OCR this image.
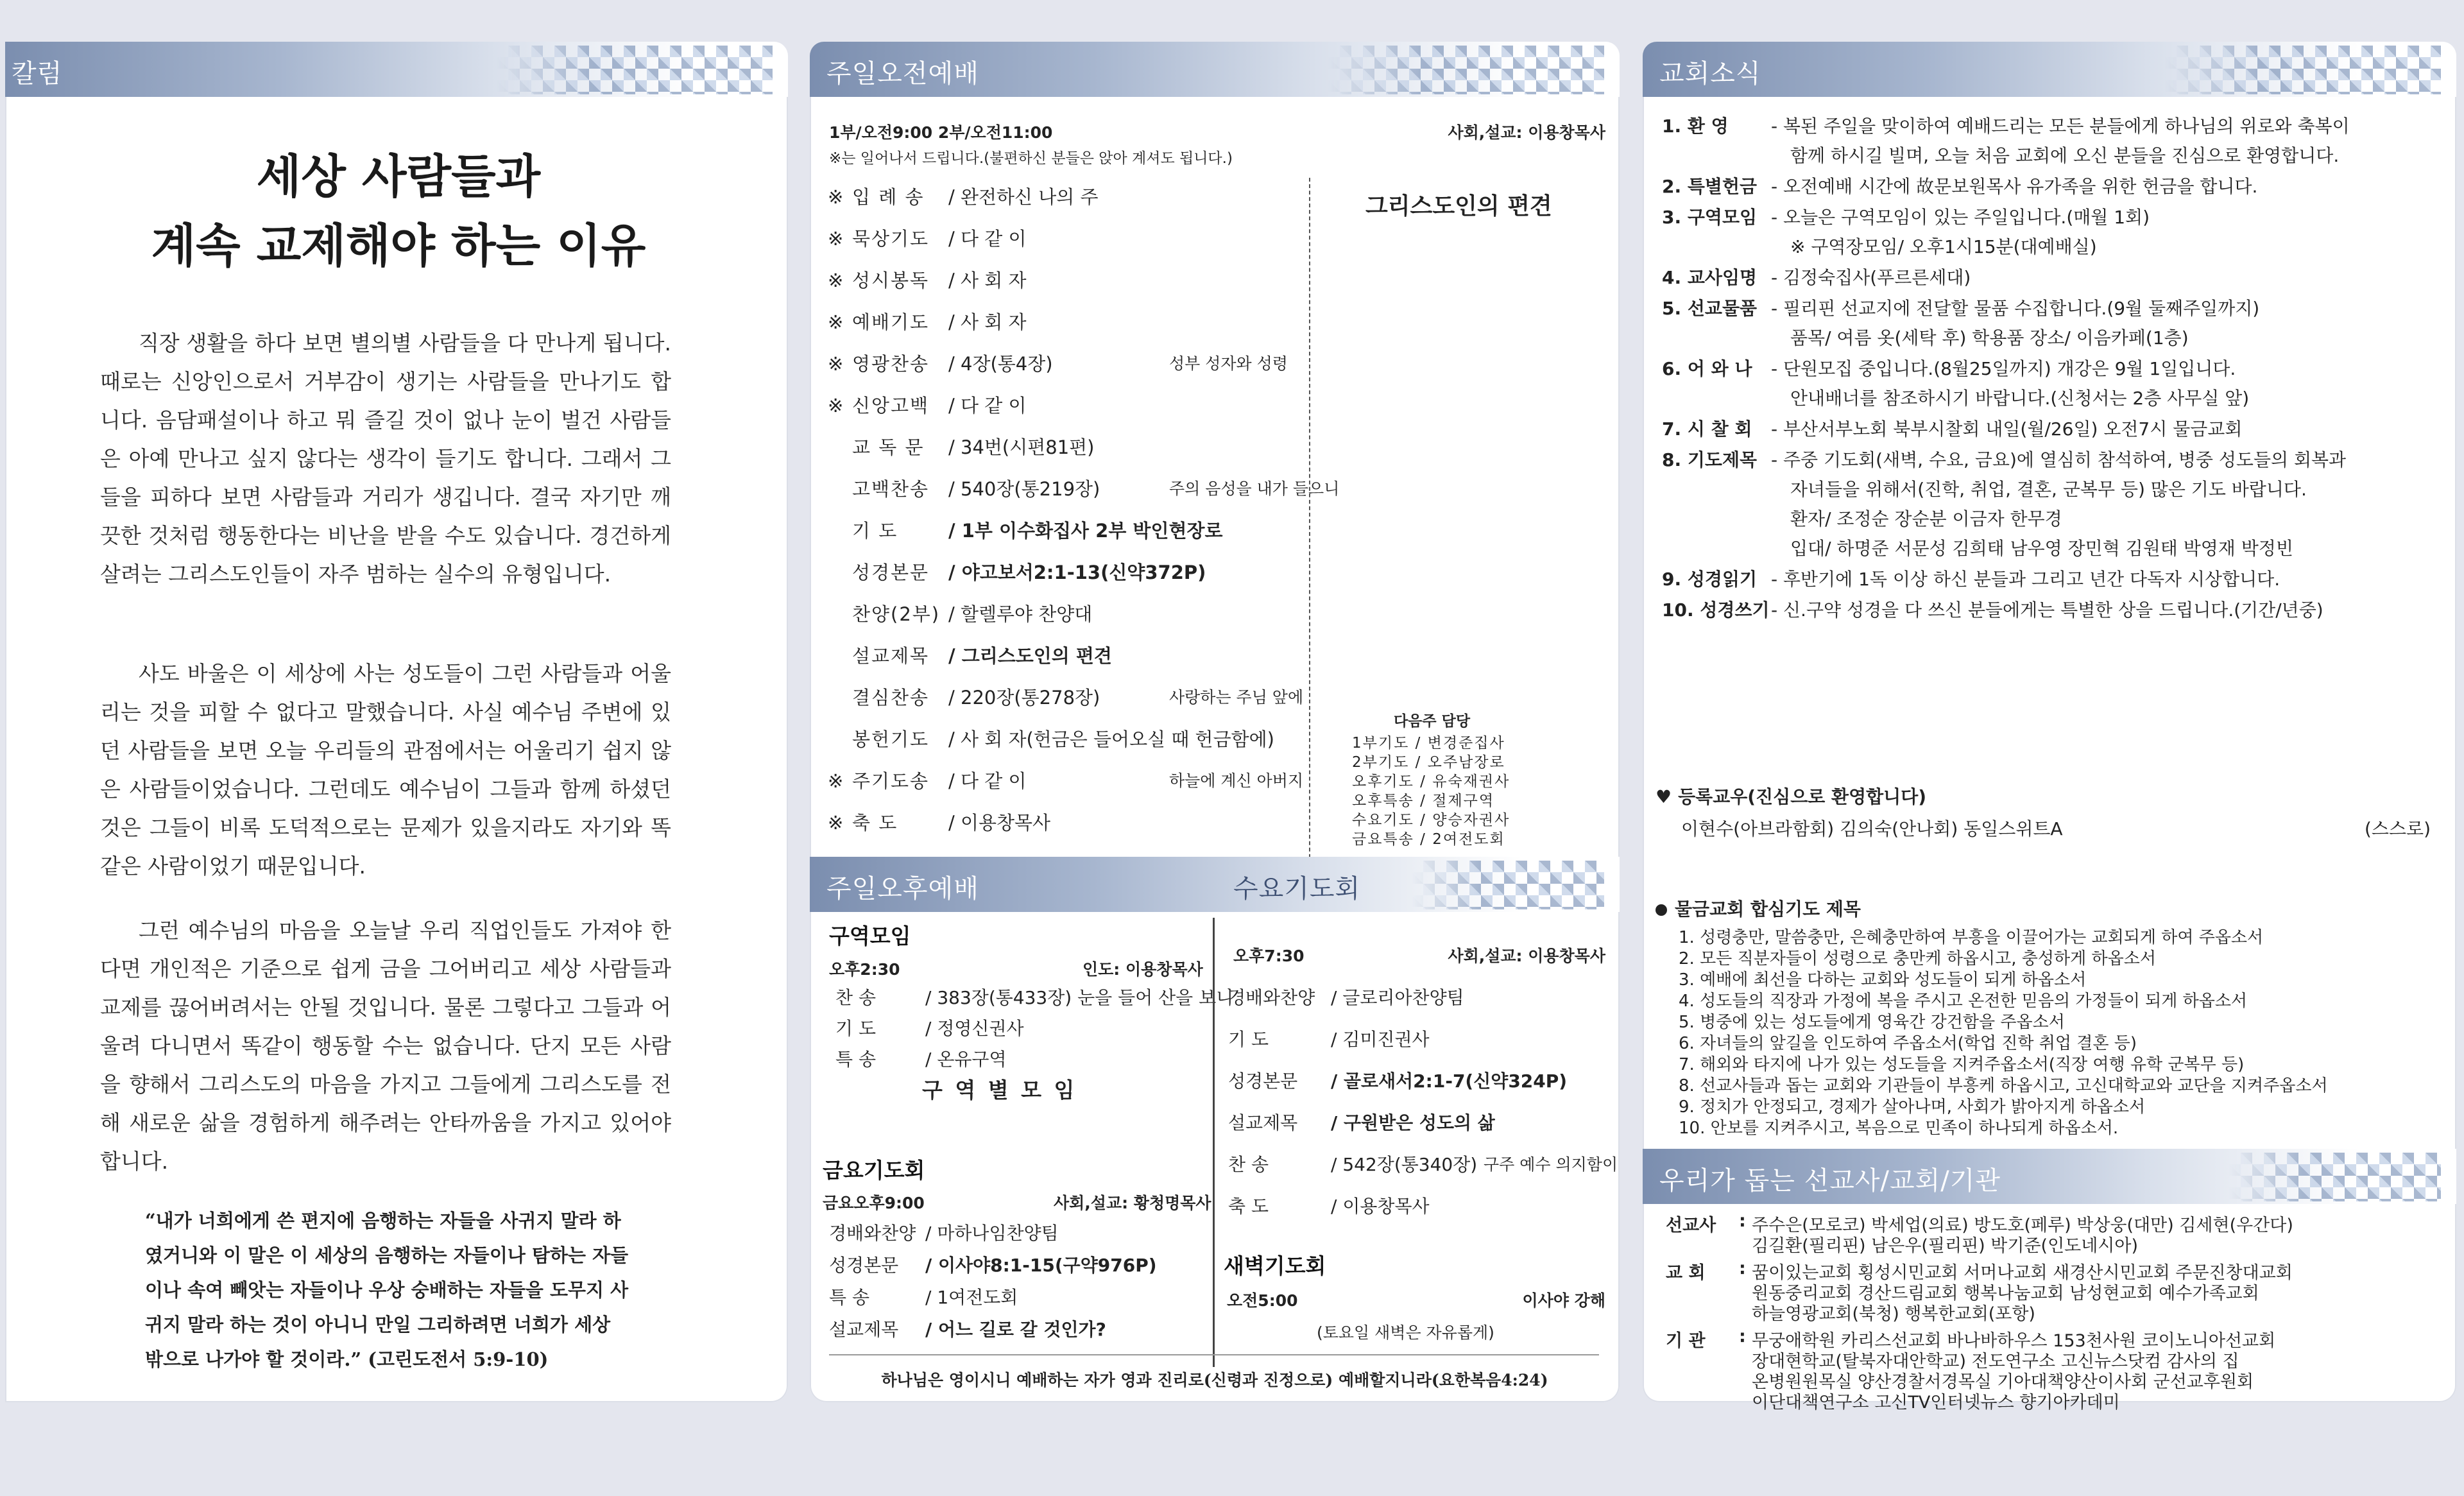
칼럼
세상 사람들과
계속 교제해야 하는 이유
직장 생활을 하다 보면 별의별 사람들을 다 만나게 됩니다. 때로는 신앙인으로서 거부감이 생기는 사람들을 만나기도 합니다. 음담패설이나 하고 뭐 즐길 것이 없나 눈이 벌건 사람들은 아예 만나고 싶지 않다는 생각이 들기도 합니다. 그래서 그들을 피하다 보면 사람들과 거리가 생깁니다. 결국 자기만 깨끗한 것처럼 행동한다는 비난을 받을 수도 있습니다. 경건하게 살려는 그리스도인들이 자주 범하는 실수의 유형입니다.
사도 바울은 이 세상에 사는 성도들이 그런 사람들과 어울리는 것을 피할 수 없다고 말했습니다. 사실 예수님 주변에 있던 사람들을 보면 오늘 우리들의 관점에서는 어울리기 쉽지 않은 사람들이었습니다. 그런데도 예수님이 그들과 함께 하셨던 것은 그들이 비록 도덕적으로는 문제가 있을지라도 자기와 똑같은 사람이었기 때문입니다.
그런 예수님의 마음을 오늘날 우리 직업인들도 가져야 한다면 개인적은 기준으로 쉽게 금을 그어버리고 세상 사람들과 교제를 끊어버려서는 안될 것입니다. 물론 그렇다고 그들과 어울려 다니면서 똑같이 행동할 수는 없습니다. 단지 모든 사람을 향해서 그리스도의 마음을 가지고 그들에게 그리스도를 전해 새로운 삶을 경험하게 해주려는 안타까움을 가지고 있어야 합니다.
“내가 너희에게 쓴 편지에 음행하는 자들을 사귀지 말라 하였거니와 이 말은 이 세상의 음행하는 자들이나 탐하는 자들이나 속여 빼앗는 자들이나 우상 숭배하는 자들을 도무지 사귀지 말라 하는 것이 아니니 만일 그리하려면 너희가 세상 밖으로 나가야 할 것이라.” (고린도전서 5:9-10)
주일오전예배
1부/오전9:00 2부/오전11:00	사회,설교: 이용창목사
※는 일어나서 드립니다.(불편하신 분들은 앉아 계셔도 됩니다.)
※ 입 례 송 / 완전하신 나의 주
※ 묵상기도 / 다 같 이
※ 성시봉독 / 사 회 자
※ 예배기도 / 사 회 자
※ 영광찬송 / 4장(통4장)	성부 성자와 성령
※ 신앙고백 / 다 같 이
교 독 문 / 34번(시편81편)
고백찬송 / 540장(통219장)	주의 음성을 내가 들으니
기 도	/ 1부 이수화집사 2부 박인현장로
성경본문 / 야고보서2:1-13(신약372P)
찬양(2부) / 할렐루야 찬양대
설교제목 / 그리스도인의 편견
결심찬송 / 220장(통278장)	사랑하는 주님 앞에
봉헌기도 / 사 회 자(헌금은 들어오실 때 헌금함에)
※ 주기도송 / 다 같 이	하늘에 계신 아버지
※ 축 도	/ 이용창목사
그리스도인의 편견
다음주 담당
1부기도 / 변경준집사
2부기도 / 오주남장로
오후기도 / 유숙재권사
오후특송 / 절제구역
수요기도 / 양승자권사
금요특송 / 2여전도회
주일오후예배	수요기도회
구역모임
오후2:30	인도: 이용창목사
찬 송	/ 383장(통433장) 눈을 들어 산을 보니
기 도	/ 정영신권사
특 송	/ 온유구역
구 역 별 모 임
금요기도회
금요오후9:00	사회,설교: 황청명목사
경배와찬양 / 마하나임찬양팀
성경본문 / 이사야8:1-15(구약976P)
특 송	/ 1여전도회
설교제목 / 어느 길로 갈 것인가?
오후7:30	사회,설교: 이용창목사
경배와찬양 / 글로리아찬양팀
기 도	/ 김미진권사
성경본문 / 골로새서2:1-7(신약324P)
설교제목 / 구원받은 성도의 삶
찬 송	/ 542장(통340장) 구주 예수 의지함이
축 도	/ 이용창목사
새벽기도회
오전5:00	이사야 강해
(토요일 새벽은 자유롭게)
하나님은 영이시니 예배하는 자가 영과 진리로(신령과 진정으로) 예배할지니라(요한복음4:24)
교회소식
1. 환 영 - 복된 주일을 맞이하여 예배드리는 모든 분들에게 하나님의 위로와 축복이
함께 하시길 빌며, 오늘 처음 교회에 오신 분들을 진심으로 환영합니다.
2. 특별헌금 - 오전예배 시간에 故문보원목사 유가족을 위한 헌금을 합니다.
3. 구역모임 - 오늘은 구역모임이 있는 주일입니다.(매월 1회)
※ 구역장모임/ 오후1시15분(대예배실)
4. 교사임명 - 김정숙집사(푸르른세대)
5. 선교물품 - 필리핀 선교지에 전달할 물품 수집합니다.(9월 둘째주일까지)
품목/ 여름 옷(세탁 후) 학용품 장소/ 이음카페(1층)
6. 어 와 나 - 단원모집 중입니다.(8월25일까지) 개강은 9월 1일입니다.
안내배너를 참조하시기 바랍니다.(신청서는 2층 사무실 앞)
7. 시 찰 회 - 부산서부노회 북부시찰회 내일(월/26일) 오전7시 물금교회
8. 기도제목 - 주중 기도회(새벽, 수요, 금요)에 열심히 참석하여, 병중 성도들의 회복과
자녀들을 위해서(진학, 취업, 결혼, 군복무 등) 많은 기도 바랍니다.
환자/ 조정순 장순분 이금자 한무경
입대/ 하명준 서문성 김희태 남우영 장민혁 김원태 박영재 박정빈
9. 성경읽기 - 후반기에 1독 이상 하신 분들과 그리고 년간 다독자 시상합니다.
10. 성경쓰기 - 신.구약 성경을 다 쓰신 분들에게는 특별한 상을 드립니다.(기간/년중)
♥ 등록교우(진심으로 환영합니다)
이현수(아브라함회) 김의숙(안나회) 동일스위트A	(스스로)
물금교회 합심기도 제목
1. 성령충만, 말씀충만, 은혜충만하여 부흥을 이끌어가는 교회되게 하여 주옵소서
2. 모든 직분자들이 성령으로 충만케 하옵시고, 충성하게 하옵소서
3. 예배에 최선을 다하는 교회와 성도들이 되게 하옵소서
4. 성도들의 직장과 가정에 복을 주시고 온전한 믿음의 가정들이 되게 하옵소서
5. 병중에 있는 성도들에게 영육간 강건함을 주옵소서
6. 자녀들의 앞길을 인도하여 주옵소서(학업 진학 취업 결혼 등)
7. 해외와 타지에 나가 있는 성도들을 지켜주옵소서(직장 여행 유학 군복무 등)
8. 선교사들과 돕는 교회와 기관들이 부흥케 하옵시고, 고신대학교와 교단을 지켜주옵소서
9. 정치가 안정되고, 경제가 살아나며, 사회가 밝아지게 하옵소서
10. 안보를 지켜주시고, 복음으로 민족이 하나되게 하옵소서.
우리가 돕는 선교사/교회/기관
선교사 : 주수은(모로코) 박세업(의료) 방도호(페루) 박상웅(대만) 김세현(우간다)
김길환(필리핀) 남은우(필리핀) 박기준(인도네시아)
교 회 : 꿈이있는교회 횡성시민교회 서머나교회 새경산시민교회 주문진창대교회
원동중리교회 경산드림교회 행복나눔교회 남성현교회 예수가족교회
하늘영광교회(북청) 행복한교회(포항)
기 관 : 무궁애학원 카리스선교회 바나바하우스 153천사원 코이노니아선교회
장대현학교(탈북자대안학교) 전도연구소 고신뉴스닷컴 감사의 집
온병원원목실 양산경찰서경목실 기아대책양산이사회 군선교후원회
이단대책연구소 고신TV인터넷뉴스 향기아카데미
